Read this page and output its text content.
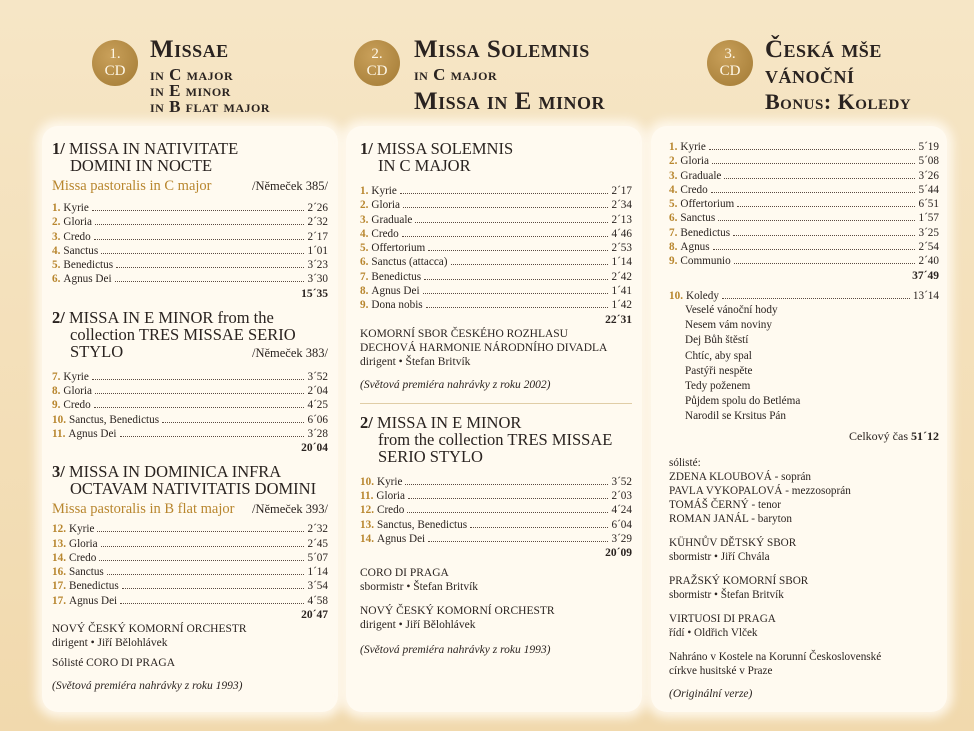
1.
CD
Missae
in C major
in E minor
in B flat major
1/ MISSA IN NATIVITATE
DOMINI IN NOCTE
Missa pastoralis in C major	/Němeček 385/
1. Kyrie	2´26
2. Gloria	2´32
3. Credo	2´17
4. Sanctus	1´01
5. Benedictus	3´23
6. Agnus Dei	3´30
15´35
2/ MISSA IN E MINOR from the
collection TRES MISSAE SERIO
STYLO	/Němeček 383/
7. Kyrie	3´52
8. Gloria	2´04
9. Credo	4´25
10. Sanctus, Benedictus	6´06
11. Agnus Dei	3´28
20´04
3/ MISSA IN DOMINICA INFRA
OCTAVAM NATIVITATIS DOMINI
Missa pastoralis in B flat major /Němeček 393/
12. Kyrie	2´32
13. Gloria	2´45
14. Credo	5´07
16. Sanctus	1´14
17. Benedictus	3´54
17. Agnus Dei	4´58
20´47
NOVÝ ČESKÝ KOMORNÍ ORCHESTR
dirigent • Jiří Bělohlávek
Sólisté CORO DI PRAGA
(Světová premiéra nahrávky z roku 1993)
2.
CD
Missa Solemnis
in C major
Missa in E minor
1/ MISSA SOLEMNIS
IN C MAJOR
1. Kyrie	2´17
2. Gloria	2´34
3. Graduale	2´13
4. Credo	4´46
5. Offertorium	2´53
6. Sanctus (attacca)	1´14
7. Benedictus	2´42
8. Agnus Dei	1´41
9. Dona nobis	1´42
22´31
KOMORNÍ SBOR ČESKÉHO ROZHLASU
DECHOVÁ HARMONIE NÁRODNÍHO DIVADLA
dirigent • Štefan Britvík
(Světová premiéra nahrávky z roku 2002)
2/ MISSA IN E MINOR
from the collection TRES MISSAE
SERIO STYLO
10. Kyrie	3´52
11. Gloria	2´03
12. Credo	4´24
13. Sanctus, Benedictus	6´04
14. Agnus Dei	3´29
20´09
CORO DI PRAGA
sbormistr • Štefan Britvík
NOVÝ ČESKÝ KOMORNÍ ORCHESTR
dirigent • Jiří Bělohlávek
(Světová premiéra nahrávky z roku 1993)
3.
CD
Česká mše
vánoční
Bonus: Koledy
1. Kyrie	5´19
2. Gloria	5´08
3. Graduale	3´26
4. Credo	5´44
5. Offertorium	6´51
6. Sanctus	1´57
7. Benedictus	3´25
8. Agnus	2´54
9. Communio	2´40
37´49
10. Koledy	13´14
Veselé vánoční hody
Nesem vám noviny
Dej Bůh štěstí
Chtíc, aby spal
Pastýři nespěte
Tedy poženem
Půjdem spolu do Betléma
Narodil se Krsitus Pán
Celkový čas 51´12
sólisté:
ZDENA KLOUBOVÁ - soprán
PAVLA VYKOPALOVÁ - mezzosoprán
TOMÁŠ ČERNÝ - tenor
ROMAN JANÁL - baryton
KÜHNŮV DĚTSKÝ SBOR
sbormistr • Jiří Chvála
PRAŽSKÝ KOMORNÍ SBOR
sbormistr • Štefan Britvík
VIRTUOSI DI PRAGA
řídí • Oldřich Vlček
Nahráno v Kostele na Korunní Československé
církve husitské v Praze
(Originální verze)
